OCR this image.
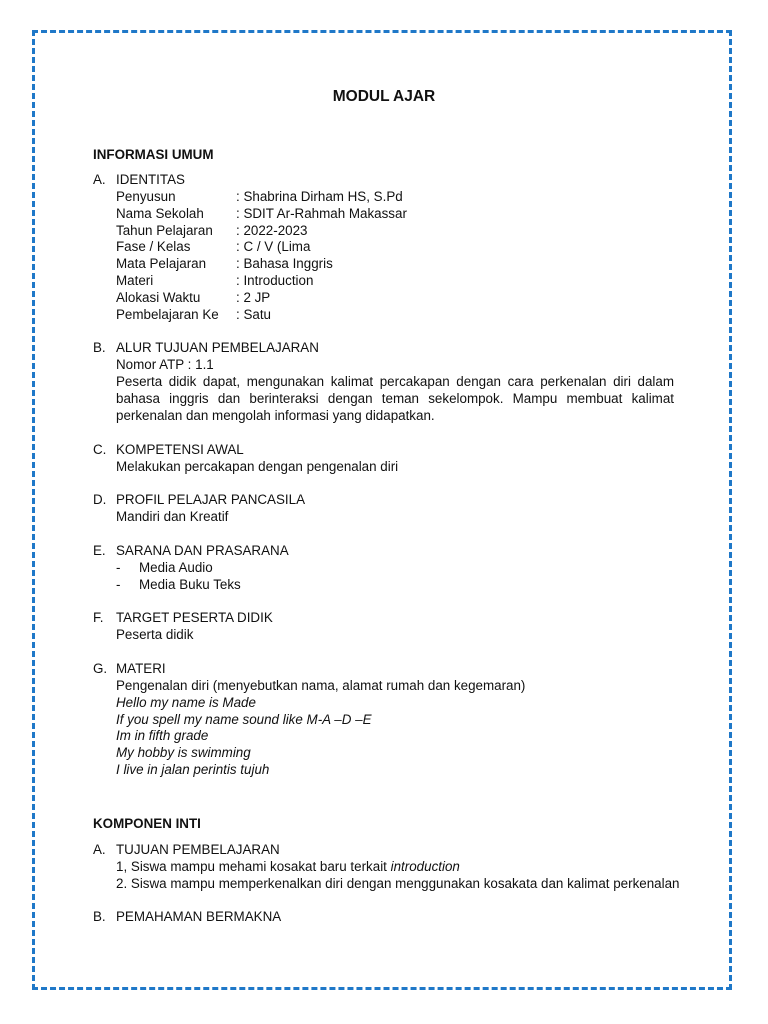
MODUL AJAR
INFORMASI UMUM
A. IDENTITAS
Penyusun	: Shabrina Dirham HS, S.Pd
Nama Sekolah : SDIT Ar-Rahmah Makassar
Tahun Pelajaran : 2022-2023
Fase / Kelas	: C / V (Lima
Mata Pelajaran : Bahasa Inggris
Materi	: Introduction
Alokasi Waktu	: 2 JP
Pembelajaran Ke : Satu
B. ALUR TUJUAN PEMBELAJARAN
Nomor ATP : 1.1
Peserta didik dapat, mengunakan kalimat percakapan dengan cara perkenalan diri dalam bahasa inggris dan berinteraksi dengan teman sekelompok. Mampu membuat kalimat perkenalan dan mengolah informasi yang didapatkan.
C. KOMPETENSI AWAL
Melakukan percakapan dengan pengenalan diri
D. PROFIL PELAJAR PANCASILA
Mandiri dan Kreatif
E. SARANA DAN PRASARANA
- Media Audio
- Media Buku Teks
F. TARGET PESERTA DIDIK
Peserta didik
G. MATERI
Pengenalan diri (menyebutkan nama, alamat rumah dan kegemaran)
Hello my name is Made
If you spell my name sound like M-A –D –E
Im in fifth grade
My hobby is swimming
I live in jalan perintis tujuh
KOMPONEN INTI
A. TUJUAN PEMBELAJARAN
1, Siswa mampu mehami kosakat baru terkait introduction
2. Siswa mampu memperkenalkan diri dengan menggunakan kosakata dan kalimat perkenalan
B. PEMAHAMAN BERMAKNA
